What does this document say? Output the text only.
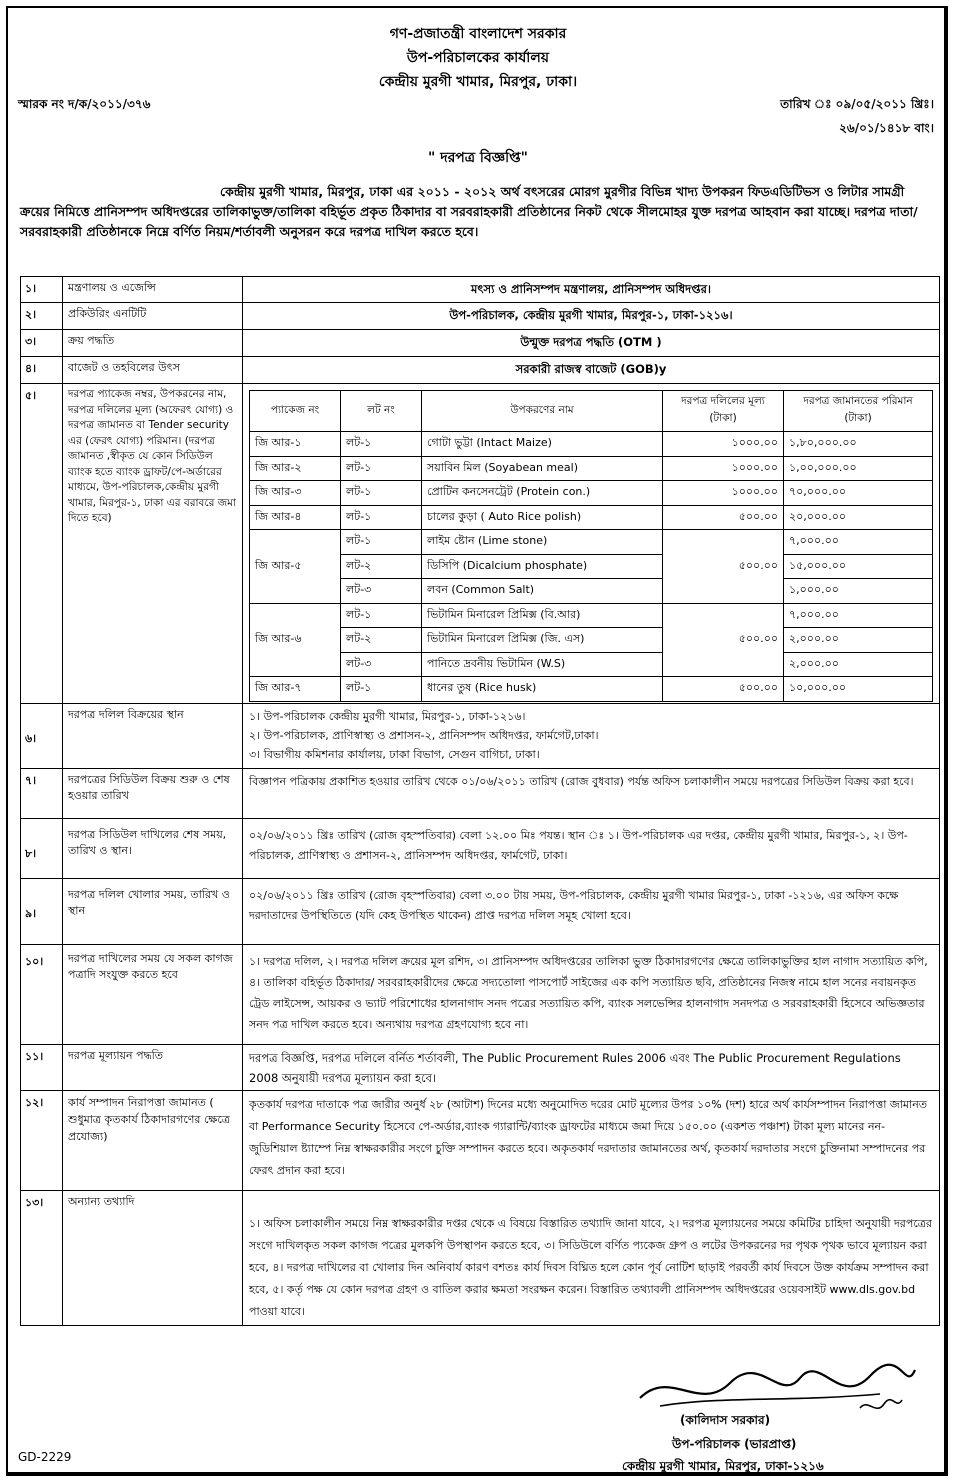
গণ-প্রজাতন্ত্রী বাংলাদেশ সরকার
উপ-পরিচালকের কার্যালয়
কেন্দ্রীয় মুরগী খামার, মিরপুর, ঢাকা।
স্মারক নং দ/ক/২০১১/৩৭৬	তারিখ ঃ ০৯/০৫/২০১১ খ্রিঃ।
২৬/০১/১৪১৮ বাং।
" দরপত্র বিজ্ঞপ্তি"
কেন্দ্রীয় মুরগী খামার, মিরপুর, ঢাকা এর ২০১১ - ২০১২ অর্থ বৎসরের মোরগ মুরগীর বিভিন্ন খাদ্য উপকরন ফিডএডিটিভস ও লিটার সামগ্রী ক্রয়ের নিমিত্তে প্রানিসম্পদ অধিদপ্তরের তালিকাভুক্ত/তালিকা বহির্ভূত প্রকৃত ঠিকাদার বা সরবরাহকারী প্রতিষ্ঠানের নিকট থেকে সীলমোহর যুক্ত দরপত্র আহবান করা যাচ্ছে। দরপত্র দাতা/ সরবরাহকারী প্রতিষ্ঠানকে নিম্নে বর্ণিত নিয়ম/শর্তাবলী অনুসরন করে দরপত্র দাখিল করতে হবে।
১।	মন্ত্রণালয় ও এজেন্সি	মৎস্য ও প্রানিসম্পদ মন্ত্রণালয়, প্রানিসম্পদ অধিদপ্তর।
২।	প্রকিউরিং এনটিটি	উপ-পরিচালক, কেন্দ্রীয় মুরগী খামার, মিরপুর-১, ঢাকা-১২১৬।
৩।	ক্রয় পদ্ধতি	উন্মুক্ত দরপত্র পদ্ধতি (OTM )
৪।	বাজেট ও তহবিলের উৎস	সরকারী রাজস্ব বাজেট (GOB)y
৫।	দরপত্র প্যাকেজ নম্বর, উপকরনের নাম, দরপত্র দলিলের মূল্য (অফেরৎ যোগ্য) ও দরপত্র জামানত বা Tender security এর (ফেরৎ যোগ্য) পরিমান। (দরপত্র জামানত ,স্বীকৃত যে কোন সিডিউল ব্যাংক হতে ব্যাংক ড্রাফট/পে-অর্ডারের মাধ্যমে, উপ-পরিচালক,কেন্দ্রীয় মুরগী খামার, মিরপুর-১, ঢাকা এর বরাবরে জমা দিতে হবে)
প্যাকেজ নং	লট নং	উপকরণের নাম	দরপত্র দলিলের মূল্য (টাকা)	দরপত্র জামানতের পরিমান (টাকা)
জি আর-১	লট-১	গোটা ভুট্টা (Intact Maize)	১০০০.০০	১,৮০,০০০.০০
জি আর-২	লট-১	সয়াবিন মিল (Soyabean meal)	১০০০.০০	১,০০,০০০.০০
জি আর-৩	লট-১	প্রোটিন কনসেনট্রেট (Protein con.)	১০০০.০০	৭০,০০০.০০
জি আর-৪	লট-১	চালের কুড়া ( Auto Rice polish)	৫০০.০০	২০,০০০.০০
জি আর-৫	লট-১	লাইম ষ্টোন (Lime stone)	৫০০.০০	৭,০০০.০০
	লট-২	ডিসিপি (Dicalcium phosphate)		১৫,০০০.০০
	লট-৩	লবন (Common Salt)		১,০০০.০০
জি আর-৬	লট-১	ভিটামিন মিনারেল প্রিমিক্স (বি.আর)	৫০০.০০	৭,০০০.০০
	লট-২	ভিটামিন মিনারেল প্রিমিক্স (জি. এস)		২,০০০.০০
	লট-৩	পানিতে দ্রবনীয় ভিটামিন (W.S)		২,০০০.০০
জি আর-৭	লট-১	ধানের তুষ (Rice husk)	৫০০.০০	১০,০০০.০০
৬।
দরপত্র দলিল বিক্রয়ের স্থান	১। উপ-পরিচালক কেন্দ্রীয় মুরগী খামার, মিরপুর-১, ঢাকা-১২১৬।
২। উপ-পরিচালক, প্রাণিস্বাস্থ্য ও প্রশাসন-২, প্রানিসম্পদ অধিদপ্তর, ফার্মগেট,ঢাকা।
৩। বিভাগীয় কমিশনার কার্যালয়, ঢাকা বিভাগ, সেগুন বাগিচা, ঢাকা।
৭।	দরপত্রের সিডিউল বিক্রয় শুরু ও শেষ হওয়ার তারিখ
বিজ্ঞাপন পত্রিকায় প্রকাশিত হওয়ার তারিখ থেকে ০১/০৬/২০১১ তারিখ (রোজ বুধবার) পর্যন্ত অফিস চলাকালীন সময়ে দরপত্রের সিডিউল বিক্রয় করা হবে।
৮।
দরপত্র সিডিউল দাখিলের শেষ সময়, তারিখ ও স্থান।
০২/০৬/২০১১ খ্রিঃ তারিখ (রোজ বৃহস্পতিবার) বেলা ১২.০০ মিঃ পযন্ত। স্থান ঃ ১। উপ-পরিচালক এর দপ্তর, কেন্দ্রীয় মুরগী খামার, মিরপুর-১, ২। উপ-পরিচালক, প্রাণিস্বাস্থ্য ও প্রশাসন-২, প্রানিসম্পদ অধিদপ্তর, ফার্মগেট, ঢাকা।
৯।
দরপত্র দলিল খোলার সময়, তারিখ ও স্থান
০২/০৬/২০১১ খ্রিঃ তারিখ (রোজ বৃহস্পতিবার) বেলা ৩.০০ টায় সময়, উপ-পরিচালক, কেন্দ্রীয় মুরগী খামার মিরপুর-১, ঢাকা -১২১৬, এর অফিস কক্ষে দরদাতাদের উপস্থিতিতে (যদি কেহ উপস্থিত থাকেন) প্রাপ্ত দরপত্র দলিল সমূহ খোলা হবে।
১০।	দরপত্র দাখিলের সময় যে সকল কাগজ পত্রাদি সংযুক্ত করতে হবে
১। দরপত্র দলিল, ২। দরপত্র দলিল ক্রয়ের মূল রশিদ, ৩। প্রানিসম্পদ অধিদপ্তরের তালিকা ভুক্ত ঠিকাদারগণের ক্ষেত্রে তালিকাভুক্তির হাল নাগাদ সত্যায়িত কপি, ৪। তালিকা বহির্ভূত ঠিকাদার/ সরবরাহকারীদের ক্ষেত্রে সদ্যতোলা পাসপোর্ট সাইজের এক কপি সত্যায়িত ছবি, প্রতিষ্ঠানের নিজস্ব নামে হাল সনের নবায়নকৃত ট্রেড লাইসেন্স, আয়কর ও ভ্যাট পরিশোধের হালনাগাদ সনদ পত্রের সত্যায়িত কপি, ব্যাংক সলভেন্সির হালনাগাদ সনদপত্র ও সরবরাহকারী হিসেবে অভিজ্ঞতার সনদ পত্র দাখিল করতে হবে। অন্যথায় দরপত্র গ্রহণযোগ্য হবে না।
১১।	দরপত্র মূল্যায়ন পদ্ধতি	দরপত্র বিজ্ঞপ্তি, দরপত্র দলিলে বর্নিত শর্তাবলী, The Public Procurement Rules 2006 এবং The Public Procurement Regulations 2008 অনুযায়ী দরপত্র মূল্যায়ন করা হবে।
১২।	কার্য সম্পাদন নিরাপত্তা জামানত ( শুধুমাত্র কৃতকার্য ঠিকাদারগণের ক্ষেত্রে প্রযোজ্য)
কৃতকার্য দরপত্র দাতাকে পত্র জারীর অনুর্ধ ২৮ (আটাশ) দিনের মধ্যে অনুমোদিত দরের মোট মূল্যের উপর ১০% (দশ) হারে অর্থ কার্যসম্পাদন নিরাপত্তা জামানত বা Performance Security হিসেবে পে-অর্ডার,ব্যাংক গ্যারান্টি/ব্যাংক ড্রাফটের মাধ্যমে জমা দিয়ে ১৫০.০০ (একশত পঞ্চাশ) টাকা মূল্য মানের নন-জুডিশিয়াল ষ্ট্যাম্পে নিম্ন স্বাক্ষরকারীর সংগে চুক্তি সম্পাদন করতে হবে। অকৃতকার্য দরদাতার জামানতের অর্থ, কৃতকার্য দরদাতার সংগে চুক্তিনামা সম্পাদনের পর ফেরৎ প্রদান করা হবে।
১৩।	অন্যান্য তথ্যাদি
১। অফিস চলাকালীন সময়ে নিম্ন স্বাক্ষরকারীর দপ্তর থেকে এ বিষয়ে বিস্তারিত তথ্যাদি জানা যাবে, ২। দরপত্র মূল্যায়নের সময়ে কমিটির চাহিদা অনুযায়ী দরপত্রের সংগে দাখিলকৃত সকল কাগজ পত্রের মুলকপি উপস্থাপন করতে হবে, ৩। সিডিউলে বর্ণিত প্যকেজ গ্রুপ ও লটের উপকরনের দর পৃথক পৃথক ভাবে মূল্যায়ন করা হবে, ৪। দরপত্র দাখিলের বা খোলার দিন অনিবার্য কারণ বশতঃ কার্য দিবস বিঘ্নিত হলে কোন পূর্ব নোটিশ ছাড়াই পরবর্তী কার্য দিবসে উক্ত কার্যক্রম সম্পাদন করা হবে, ৫। কর্তৃ পক্ষ যে কোন দরপত্র গ্রহণ ও বাতিল করার ক্ষমতা সংরক্ষন করেন। বিস্তারিত তথ্যাবলী প্রানিসম্পদ অধিদপ্তরের ওয়েবসাইট www.dls.gov.bd পাওয়া যাবে।
(কালিদাস সরকার)
উপ-পরিচালক (ভারপ্রাপ্ত)
কেন্দ্রীয় মুরগী খামার, মিরপুর, ঢাকা-১২১৬
GD-2229
